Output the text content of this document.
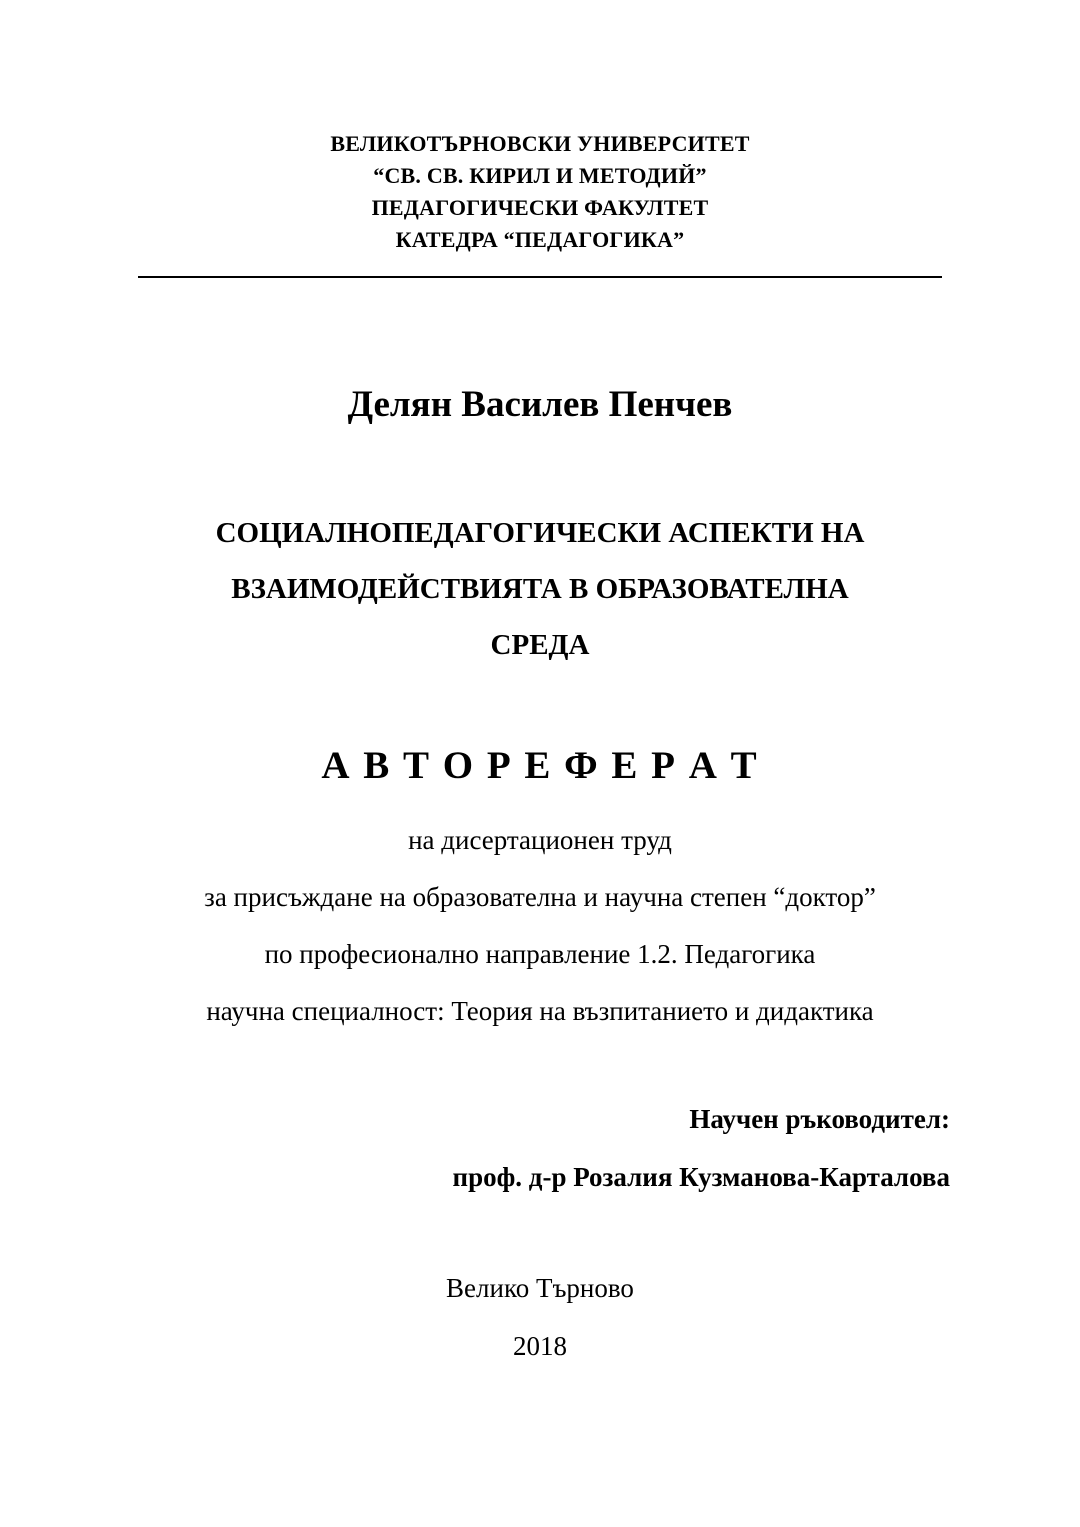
ВЕЛИКОТЪРНОВСКИ УНИВЕРСИТЕТ
“СВ. СВ. КИРИЛ И МЕТОДИЙ”
ПЕДАГОГИЧЕСКИ ФАКУЛТЕТ
КАТЕДРА “ПЕДАГОГИКА”
Делян Василев Пенчев
СОЦИАЛНОПЕДАГОГИЧЕСКИ АСПЕКТИ НА
ВЗАИМОДЕЙСТВИЯТА В ОБРАЗОВАТЕЛНА
СРЕДА
А В Т О Р Е Ф Е Р А Т
на дисертационен труд
за присъждане на образователна и научна степен “доктор”
по професионално направление 1.2. Педагогика
научна специалност: Теория на възпитанието и дидактика
Научен ръководител:
проф. д-р Розалия Кузманова-Карталова
Велико Търново
2018
